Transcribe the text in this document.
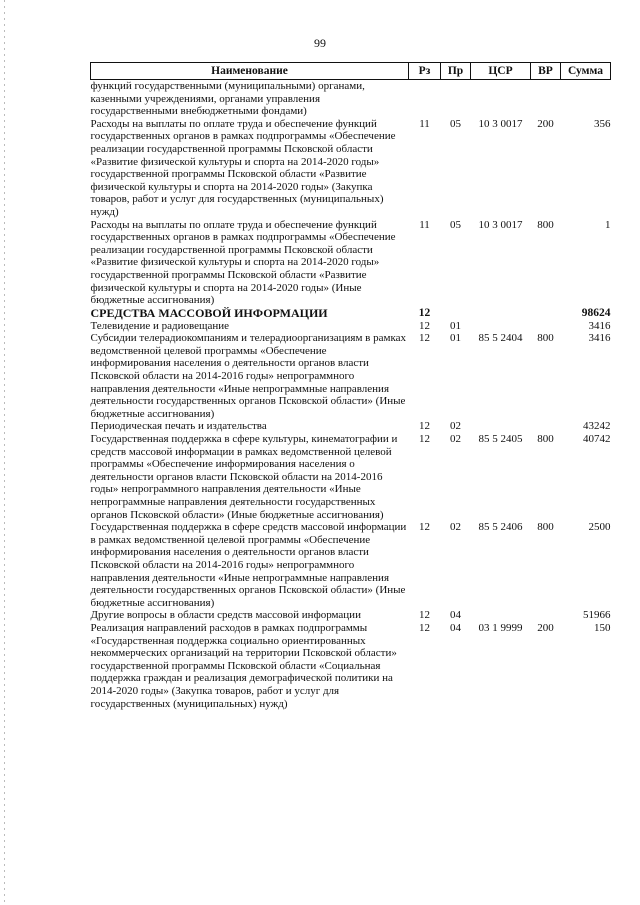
99
Наименование	Рз	Пр	ЦСР	ВР	Сумма
функций государственными (муниципальными) органами, казенными учреждениями, органами управления государственными внебюджетными фондами)					
Расходы на выплаты по оплате труда и обеспечение функций государственных органов в рамках подпрограммы «Обеспечение реализации государственной программы Псковской области «Развитие физической культуры и спорта на 2014-2020 годы» государственной программы Псковской области «Развитие физической культуры и спорта на 2014-2020 годы» (Закупка товаров, работ и услуг для государственных (муниципальных) нужд)	11	05	10 3 0017	200	356
Расходы на выплаты по оплате труда и обеспечение функций государственных органов в рамках подпрограммы «Обеспечение реализации государственной программы Псковской области «Развитие физической культуры и спорта на 2014-2020 годы» государственной программы Псковской области «Развитие физической культуры и спорта на 2014-2020 годы» (Иные бюджетные ассигнования)	11	05	10 3 0017	800	1
СРЕДСТВА МАССОВОЙ ИНФОРМАЦИИ	12				98624
Телевидение и радиовещание	12	01			3416
Субсидии телерадиокомпаниям и телерадиоорганизациям в рамках ведомственной целевой программы «Обеспечение информирования населения о деятельности органов власти Псковской области на 2014-2016 годы» непрограммного направления деятельности «Иные непрограммные направления деятельности государственных органов Псковской области» (Иные бюджетные ассигнования)	12	01	85 5 2404	800	3416
Периодическая печать и издательства	12	02			43242
Государственная поддержка в сфере культуры, кинематографии и средств массовой информации в рамках ведомственной целевой программы «Обеспечение информирования населения о деятельности органов власти Псковской области на 2014-2016 годы» непрограммного направления деятельности «Иные непрограммные направления деятельности государственных органов Псковской области» (Иные бюджетные ассигнования)	12	02	85 5 2405	800	40742
Государственная поддержка в сфере средств массовой информации в рамках ведомственной целевой программы «Обеспечение информирования населения о деятельности органов власти Псковской области на 2014-2016 годы» непрограммного направления деятельности «Иные непрограммные направления деятельности государственных органов Псковской области» (Иные бюджетные ассигнования)	12	02	85 5 2406	800	2500
Другие вопросы в области средств массовой информации	12	04			51966
Реализация направлений расходов в рамках подпрограммы «Государственная поддержка социально ориентированных некоммерческих организаций на территории Псковской области» государственной программы Псковской области «Социальная поддержка граждан и реализация демографической политики на 2014-2020 годы» (Закупка товаров, работ и услуг для государственных (муниципальных) нужд)	12	04	03 1 9999	200	150
